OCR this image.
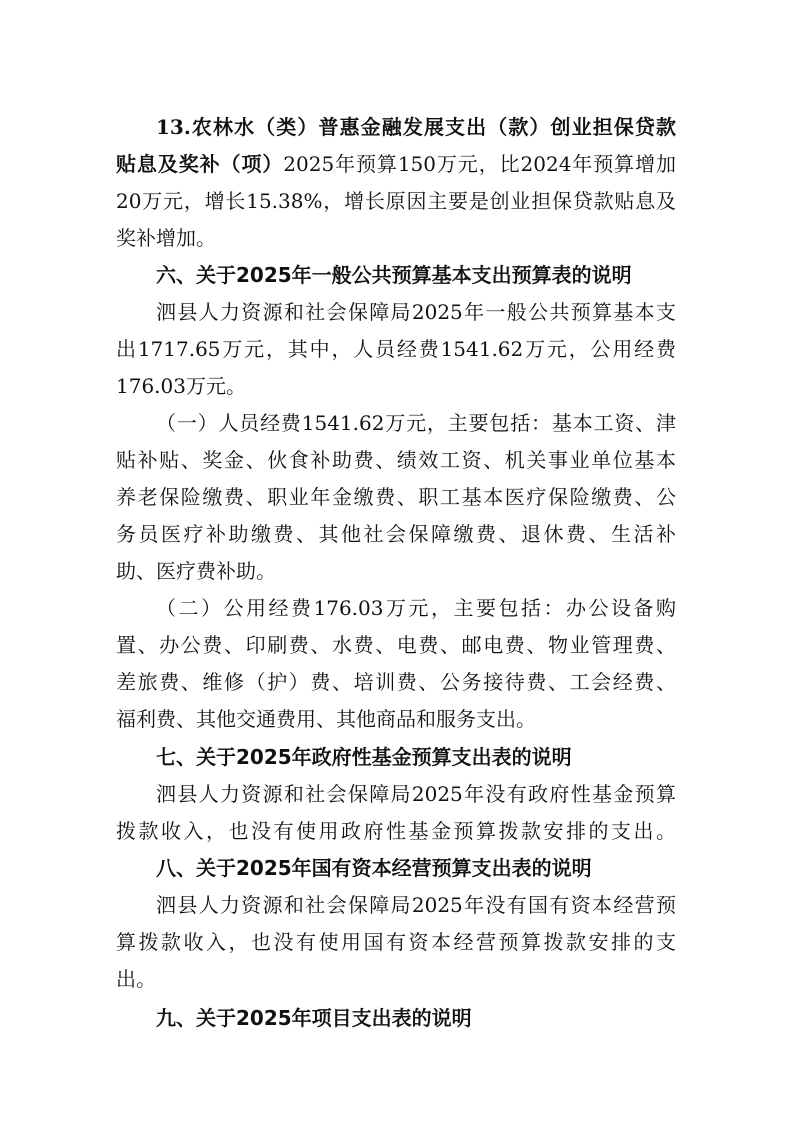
13.农林水（类）普惠金融发展支出（款）创业担保贷款
贴息及奖补（项）2025年预算150万元，比2024年预算增加
20万元，增长15.38%，增长原因主要是创业担保贷款贴息及
奖补增加。
六、关于2025年一般公共预算基本支出预算表的说明
泗县人力资源和社会保障局2025年一般公共预算基本支
出1717.65万元，其中，人员经费1541.62万元，公用经费
176.03万元。
（一）人员经费1541.62万元，主要包括：基本工资、津
贴补贴、奖金、伙食补助费、绩效工资、机关事业单位基本
养老保险缴费、职业年金缴费、职工基本医疗保险缴费、公
务员医疗补助缴费、其他社会保障缴费、退休费、生活补
助、医疗费补助。
（二）公用经费176.03万元，主要包括：办公设备购
置、办公费、印刷费、水费、电费、邮电费、物业管理费、
差旅费、维修（护）费、培训费、公务接待费、工会经费、
福利费、其他交通费用、其他商品和服务支出。
七、关于2025年政府性基金预算支出表的说明
泗县人力资源和社会保障局2025年没有政府性基金预算
拨款收入，也没有使用政府性基金预算拨款安排的支出。
八、关于2025年国有资本经营预算支出表的说明
泗县人力资源和社会保障局2025年没有国有资本经营预
算拨款收入，也没有使用国有资本经营预算拨款安排的支
出。
九、关于2025年项目支出表的说明
